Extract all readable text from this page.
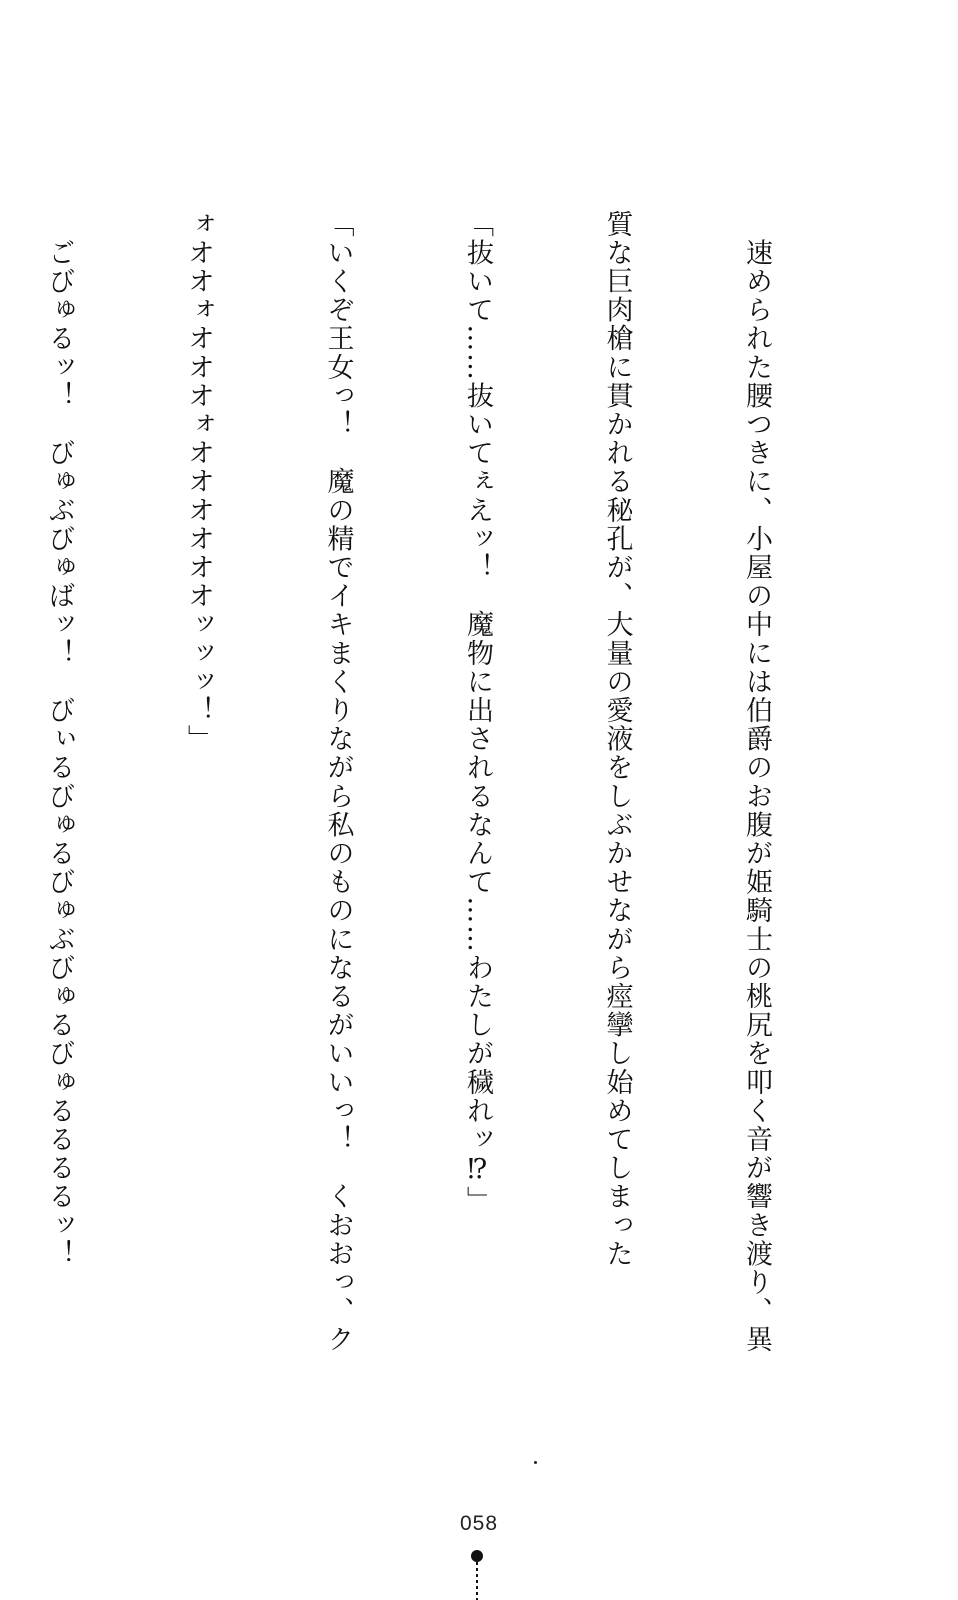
　速められた腰つきに、小屋の中には伯爵のお腹が姫騎士の桃尻を叩く音が響き渡り、異

質な巨肉槍に貫かれる秘孔が、大量の愛液をしぶかせながら痙攣し始めてしまった

「抜いて……抜いてぇえッ！　魔物に出されるなんて……わたしが穢れッ⁉」

「いくぞ王女っ！　魔の精でイキまくりながら私のものになるがいいっ！　くおおっ、ク

ォオオォオオオォオオオオオオッッッ！」

　ごびゅるッ！　びゅぶびゅばッ！　びぃるびゅるびゅぶびゅるびゅるるるるッ！

058
